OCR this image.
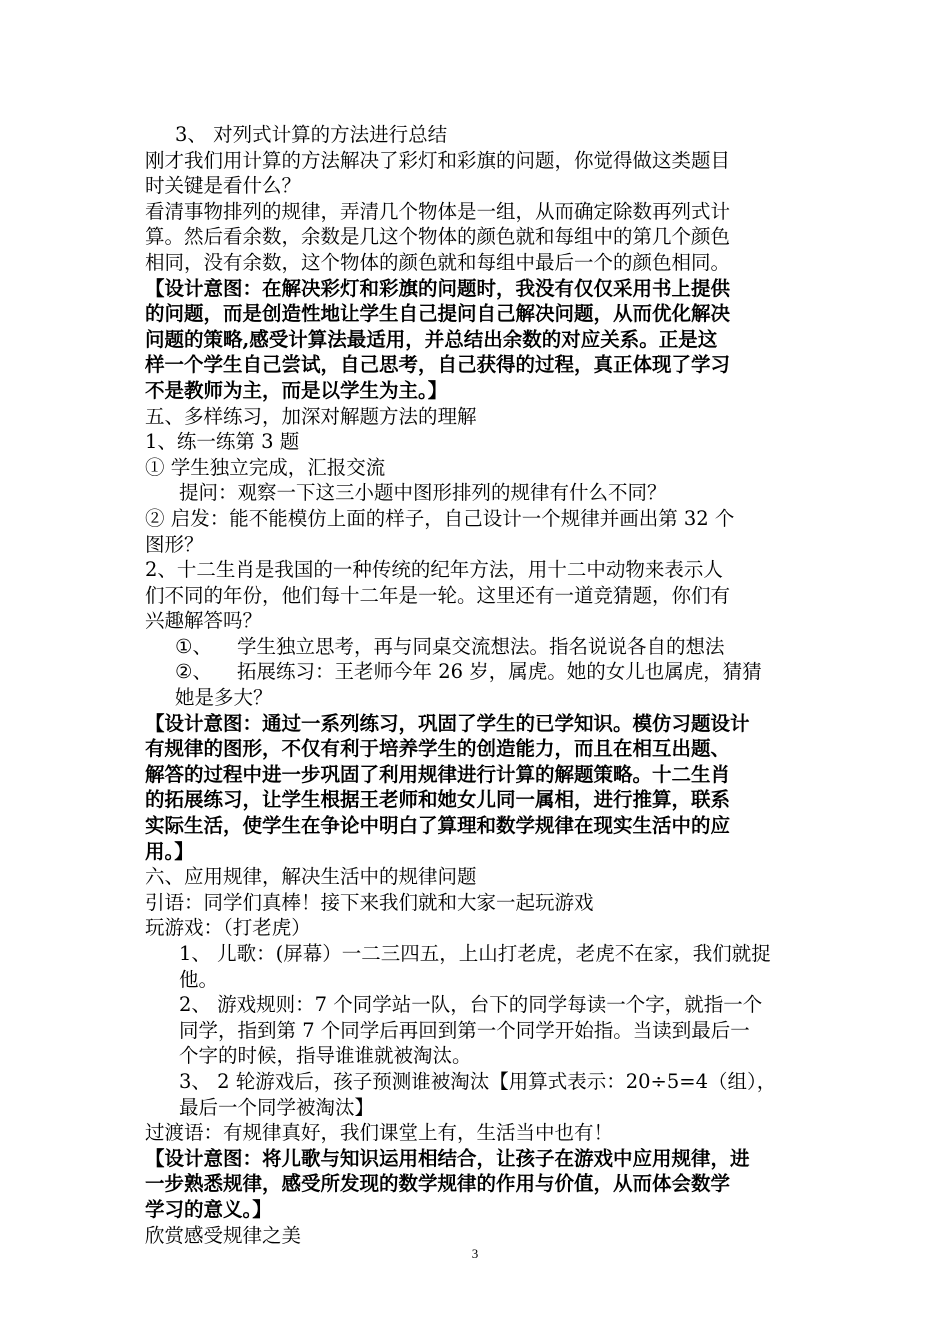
3、 对列式计算的方法进行总结
刚才我们用计算的方法解决了彩灯和彩旗的问题，你觉得做这类题目
时关键是看什么？
看清事物排列的规律，弄清几个物体是一组，从而确定除数再列式计
算。然后看余数，余数是几这个物体的颜色就和每组中的第几个颜色
相同，没有余数，这个物体的颜色就和每组中最后一个的颜色相同。
【设计意图：在解决彩灯和彩旗的问题时，我没有仅仅采用书上提供
的问题，而是创造性地让学生自己提问自己解决问题，从而优化解决
问题的策略,感受计算法最适用，并总结出余数的对应关系。正是这
样一个学生自己尝试，自己思考，自己获得的过程，真正体现了学习
不是教师为主，而是以学生为主。】
五、多样练习，加深对解题方法的理解
1、练一练第 3 题
① 学生独立完成，汇报交流
提问：观察一下这三小题中图形排列的规律有什么不同？
② 启发：能不能模仿上面的样子，自己设计一个规律并画出第 32 个
图形？
2、十二生肖是我国的一种传统的纪年方法，用十二中动物来表示人
们不同的年份，他们每十二年是一轮。这里还有一道竞猜题，你们有
兴趣解答吗？
①、 学生独立思考，再与同桌交流想法。指名说说各自的想法
②、 拓展练习：王老师今年 26 岁，属虎。她的女儿也属虎，猜猜
她是多大？
【设计意图：通过一系列练习，巩固了学生的已学知识。模仿习题设计
有规律的图形，不仅有利于培养学生的创造能力，而且在相互出题、
解答的过程中进一步巩固了利用规律进行计算的解题策略。十二生肖
的拓展练习，让学生根据王老师和她女儿同一属相，进行推算，联系
实际生活，使学生在争论中明白了算理和数学规律在现实生活中的应
用。】
六、应用规律，解决生活中的规律问题
引语：同学们真棒！接下来我们就和大家一起玩游戏
玩游戏：（打老虎）
1、 儿歌：(屏幕）一二三四五，上山打老虎，老虎不在家，我们就捉
他。
2、 游戏规则：7 个同学站一队，台下的同学每读一个字，就指一个
同学，指到第 7 个同学后再回到第一个同学开始指。当读到最后一
个字的时候，指导谁谁就被淘汰。
3、 2 轮游戏后，孩子预测谁被淘汰【用算式表示：20÷5=4（组），
最后一个同学被淘汰】
过渡语：有规律真好，我们课堂上有，生活当中也有！
【设计意图：将儿歌与知识运用相结合，让孩子在游戏中应用规律，进
一步熟悉规律，感受所发现的数学规律的作用与价值，从而体会数学
学习的意义。】
欣赏感受规律之美
3
